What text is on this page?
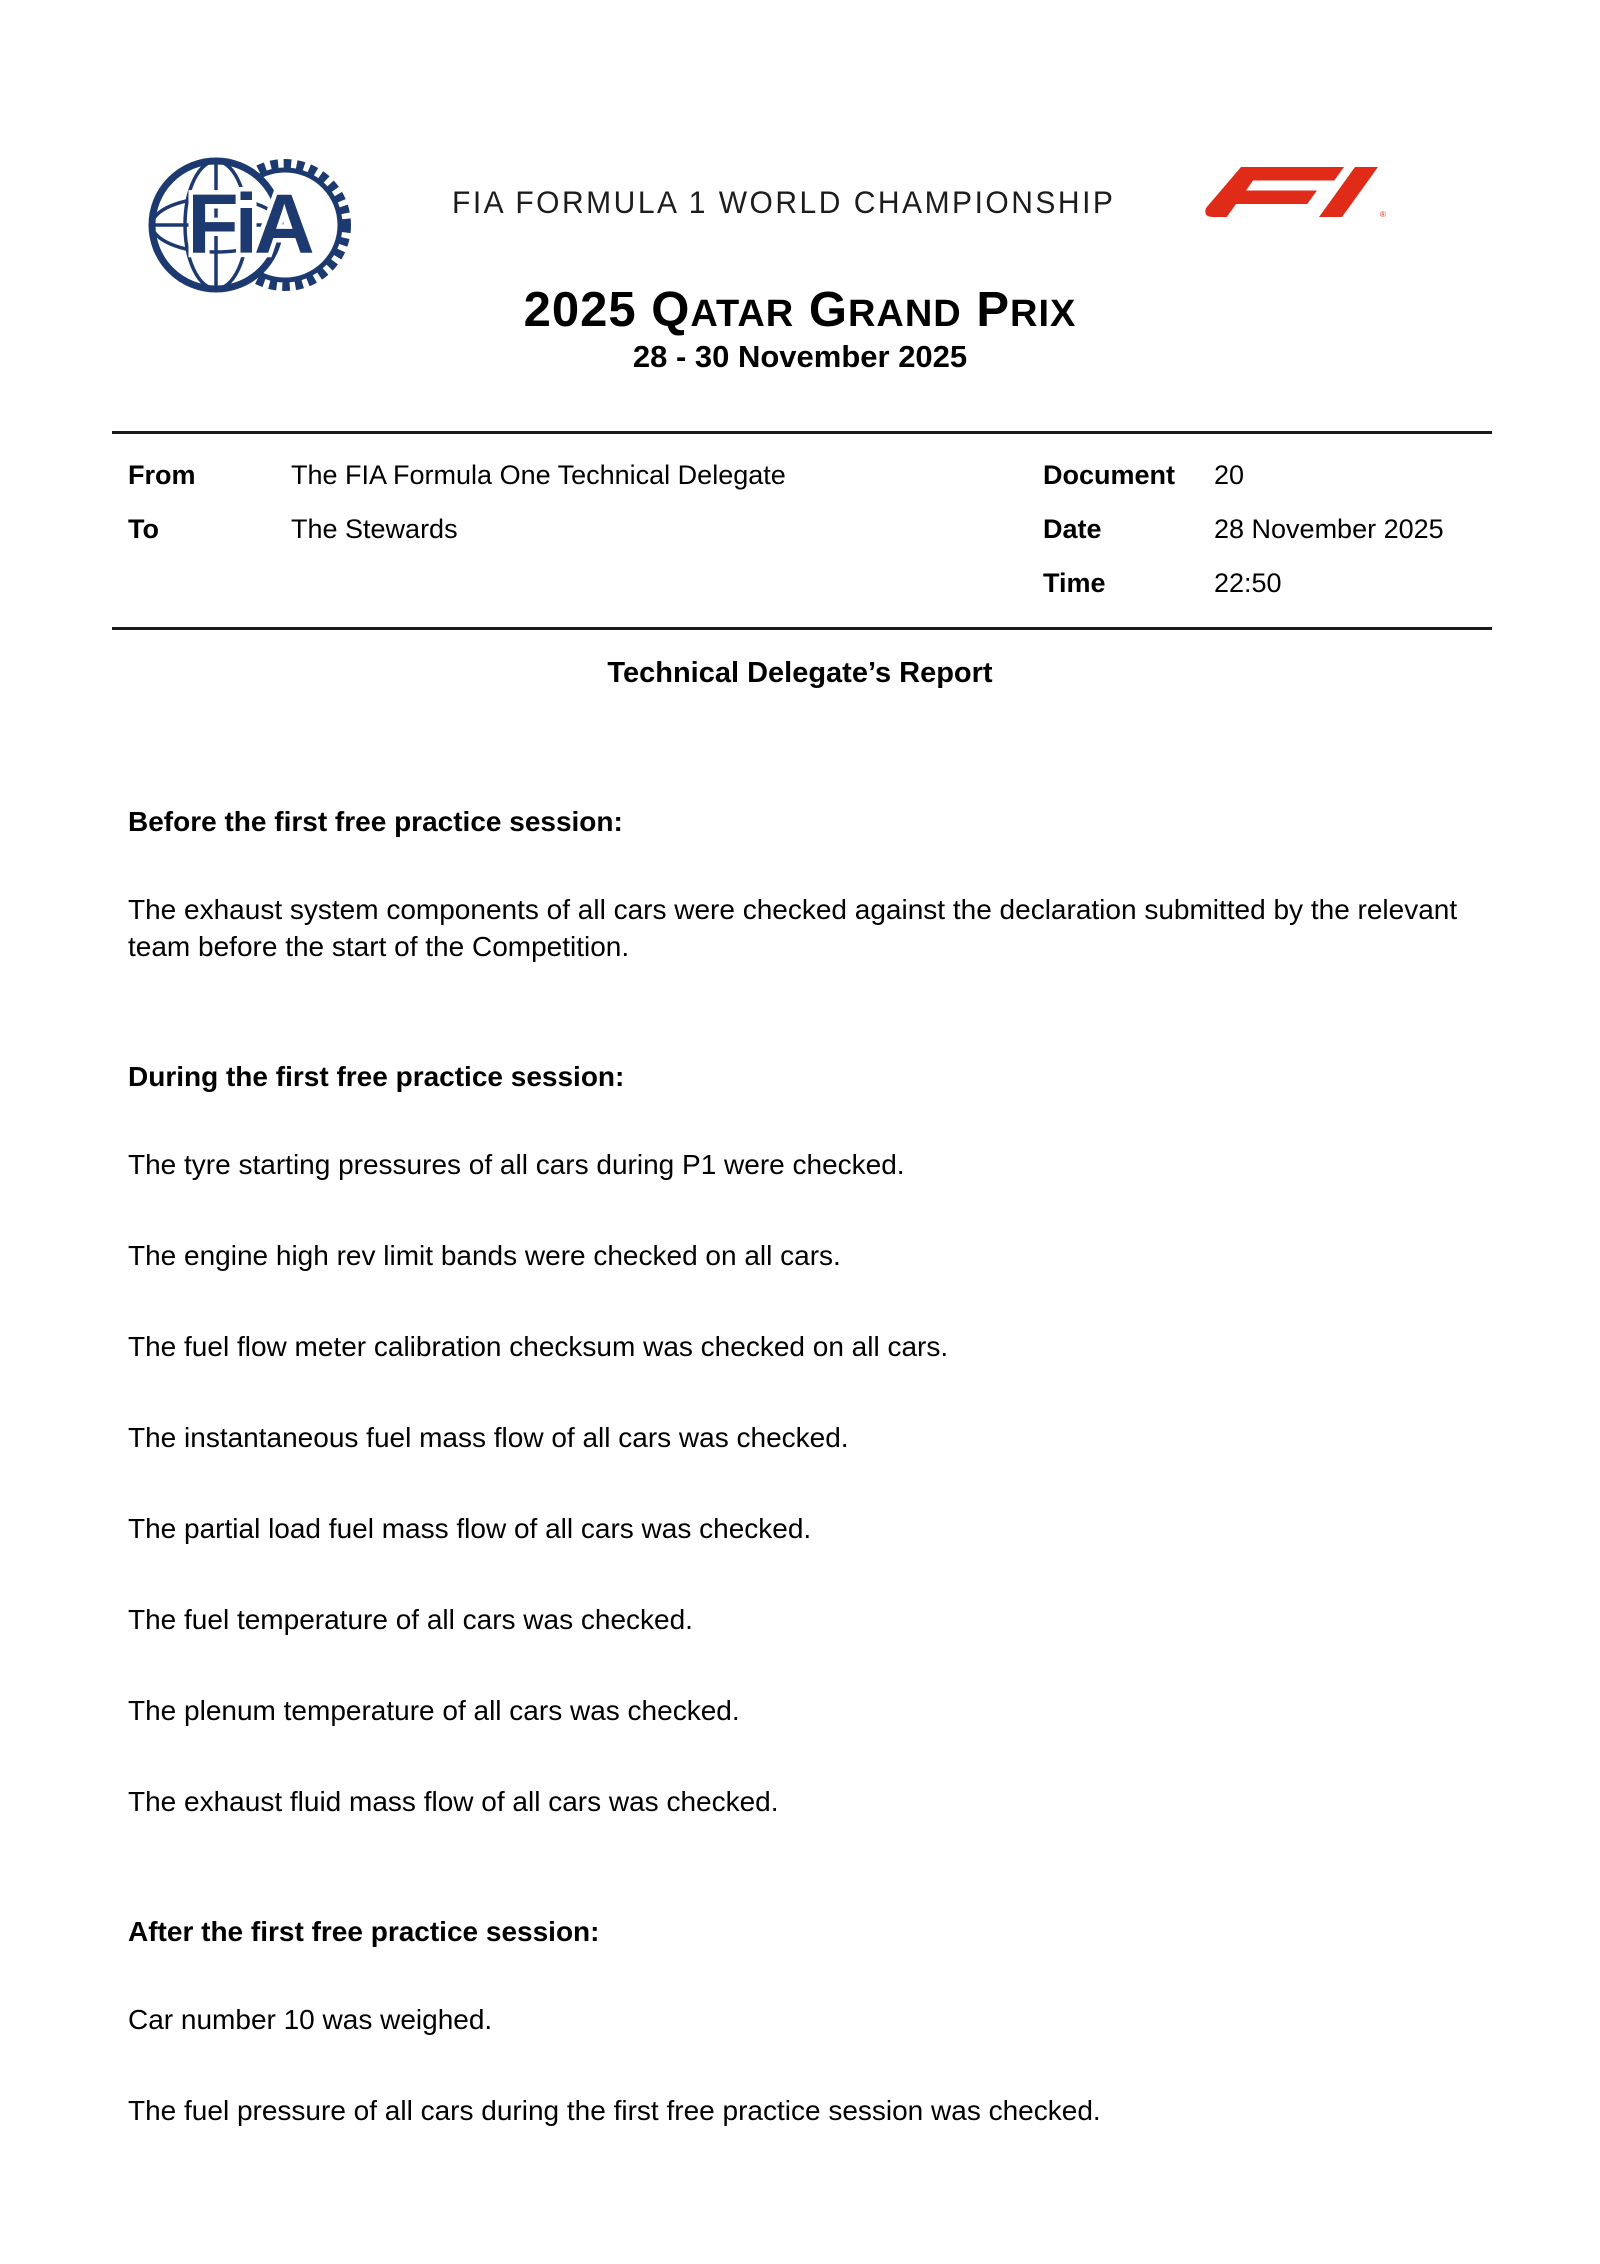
FiA	FIA FORMULA 1 WORLD CHAMPIONSHIP	®
2025 QATAR GRAND PRIX
28 - 30 November 2025
From	The FIA Formula One Technical Delegate
To	The Stewards
Document 20
Date	28 November 2025
Time	22:50
Technical Delegate’s Report
Before the first free practice session:

The exhaust system components of all cars were checked against the declaration submitted by the relevant team before the start of the Competition.

During the first free practice session:

The tyre starting pressures of all cars during P1 were checked.

The engine high rev limit bands were checked on all cars.

The fuel flow meter calibration checksum was checked on all cars.

The instantaneous fuel mass flow of all cars was checked.

The partial load fuel mass flow of all cars was checked.

The fuel temperature of all cars was checked.

The plenum temperature of all cars was checked.

The exhaust fluid mass flow of all cars was checked.

After the first free practice session:

Car number 10 was weighed.

The fuel pressure of all cars during the first free practice session was checked.
